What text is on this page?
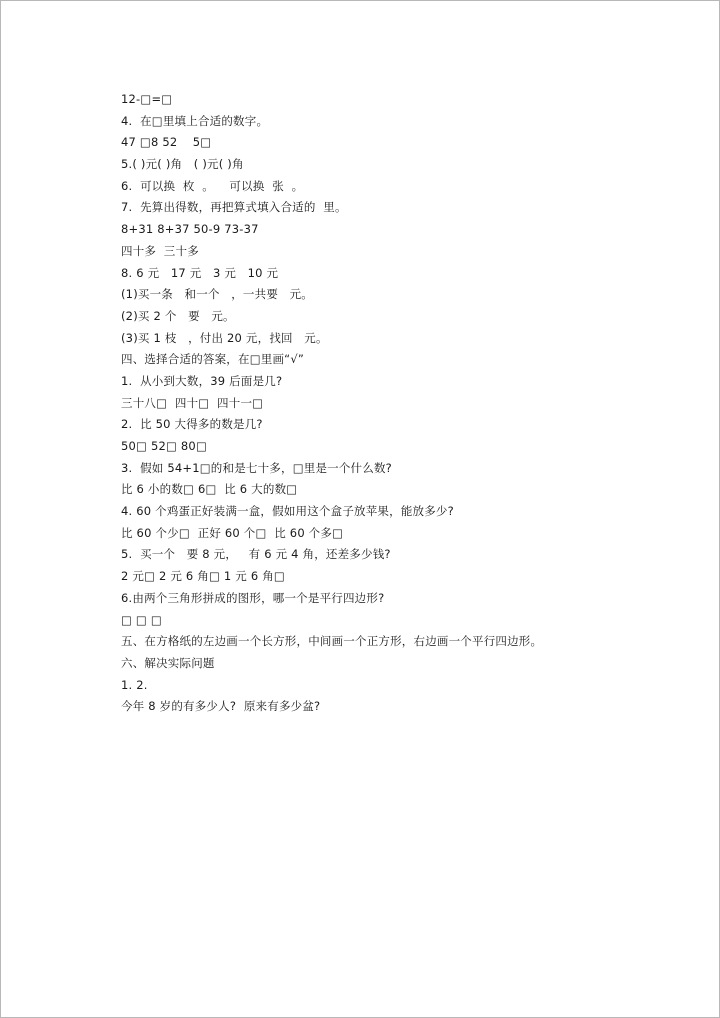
12-□=□
4.  在□里填上合适的数字。
47 □8 52    5□
5.( )元( )角   ( )元( )角
6.  可以换  枚  。    可以换  张  。
7.  先算出得数，再把算式填入合适的  里。
8+31 8+37 50-9 73-37
四十多  三十多
8. 6 元   17 元   3 元   10 元
(1)买一条   和一个   ，一共要   元。
(2)买 2 个   要   元。
(3)买 1 枝   ，付出 20 元，找回   元。
四、选择合适的答案，在□里画“√”
1.  从小到大数，39 后面是几?
三十八□  四十□  四十一□
2.  比 50 大得多的数是几?
50□ 52□ 80□
3.  假如 54+1□的和是七十多，□里是一个什么数?
比 6 小的数□ 6□  比 6 大的数□
4. 60 个鸡蛋正好装满一盒，假如用这个盒子放苹果，能放多少?
比 60 个少□  正好 60 个□  比 60 个多□
5.  买一个   要 8 元，   有 6 元 4 角，还差多少钱?
2 元□ 2 元 6 角□ 1 元 6 角□
6.由两个三角形拼成的图形，哪一个是平行四边形?
□ □ □
五、在方格纸的左边画一个长方形，中间画一个正方形，右边画一个平行四边形。
六、解决实际问题
1. 2.
今年 8 岁的有多少人?  原来有多少盆?
